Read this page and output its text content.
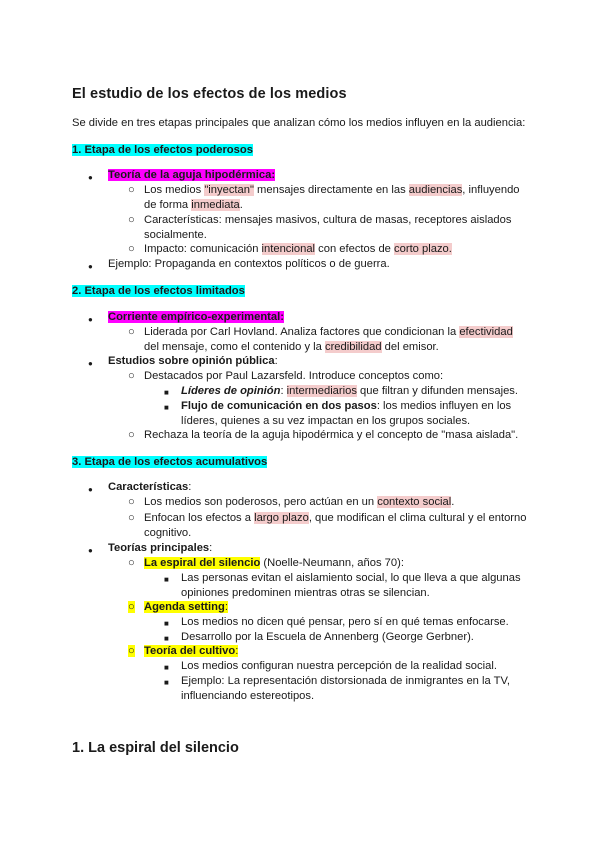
El estudio de los efectos de los medios
Se divide en tres etapas principales que analizan cómo los medios influyen en la audiencia:
1. Etapa de los efectos poderosos
● Teoría de la aguja hipodérmica:
○ Los medios "inyectan" mensajes directamente en las audiencias, influyendo
de forma inmediata.
○ Características: mensajes masivos, cultura de masas, receptores aislados
socialmente.
○ Impacto: comunicación intencional con efectos de corto plazo.
● Ejemplo: Propaganda en contextos políticos o de guerra.
2. Etapa de los efectos limitados
● Corriente empírico-experimental:
○ Liderada por Carl Hovland. Analiza factores que condicionan la efectividad
del mensaje, como el contenido y la credibilidad del emisor.
● Estudios sobre opinión pública:
○ Destacados por Paul Lazarsfeld. Introduce conceptos como:
■ Líderes de opinión: intermediarios que filtran y difunden mensajes.
■ Flujo de comunicación en dos pasos: los medios influyen en los
líderes, quienes a su vez impactan en los grupos sociales.
○ Rechaza la teoría de la aguja hipodérmica y el concepto de "masa aislada".
3. Etapa de los efectos acumulativos
● Características:
○ Los medios son poderosos, pero actúan en un contexto social.
○ Enfocan los efectos a largo plazo, que modifican el clima cultural y el entorno
cognitivo.
● Teorías principales:
○ La espiral del silencio (Noelle-Neumann, años 70):
■ Las personas evitan el aislamiento social, lo que lleva a que algunas
opiniones predominen mientras otras se silencian.
○ Agenda setting:
■ Los medios no dicen qué pensar, pero sí en qué temas enfocarse.
■ Desarrollo por la Escuela de Annenberg (George Gerbner).
○ Teoría del cultivo:
■ Los medios configuran nuestra percepción de la realidad social.
■ Ejemplo: La representación distorsionada de inmigrantes en la TV,
influenciando estereotipos.
1. La espiral del silencio
